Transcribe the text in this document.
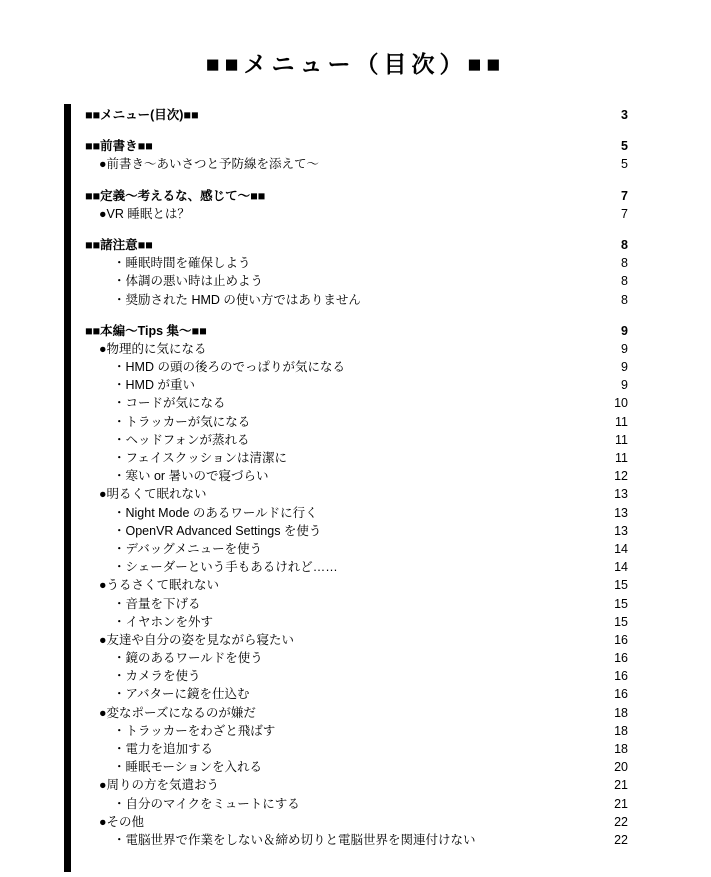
■■メニュー（目次）■■
■■メニュー(目次)■■	3
■■前書き■■	5
●前書き〜あいさつと予防線を添えて〜	5
■■定義〜考えるな、感じて〜■■	7
●VR 睡眠とは？	7
■■諸注意■■	8
・睡眠時間を確保しよう	8
・体調の悪い時は止めよう	8
・奨励された HMD の使い方ではありません	8
■■本編〜Tips 集〜■■	9
●物理的に気になる	9
・HMD の頭の後ろのでっぱりが気になる	9
・HMD が重い	9
・コードが気になる	10
・トラッカーが気になる	11
・ヘッドフォンが蒸れる	11
・フェイスクッションは清潔に	11
・寒い or 暑いので寝づらい	12
●明るくて眠れない	13
・Night Mode のあるワールドに行く	13
・OpenVR Advanced Settings を使う	13
・デバッグメニューを使う	14
・シェーダーという手もあるけれど……	14
●うるさくて眠れない	15
・音量を下げる	15
・イヤホンを外す	15
●友達や自分の姿を見ながら寝たい	16
・鏡のあるワールドを使う	16
・カメラを使う	16
・アバターに鏡を仕込む	16
●変なポーズになるのが嫌だ	18
・トラッカーをわざと飛ばす	18
・電力を追加する	18
・睡眠モーションを入れる	20
●周りの方を気遣おう	21
・自分のマイクをミュートにする	21
●その他	22
・電脳世界で作業をしない＆締め切りと電脳世界を関連付けない	22
